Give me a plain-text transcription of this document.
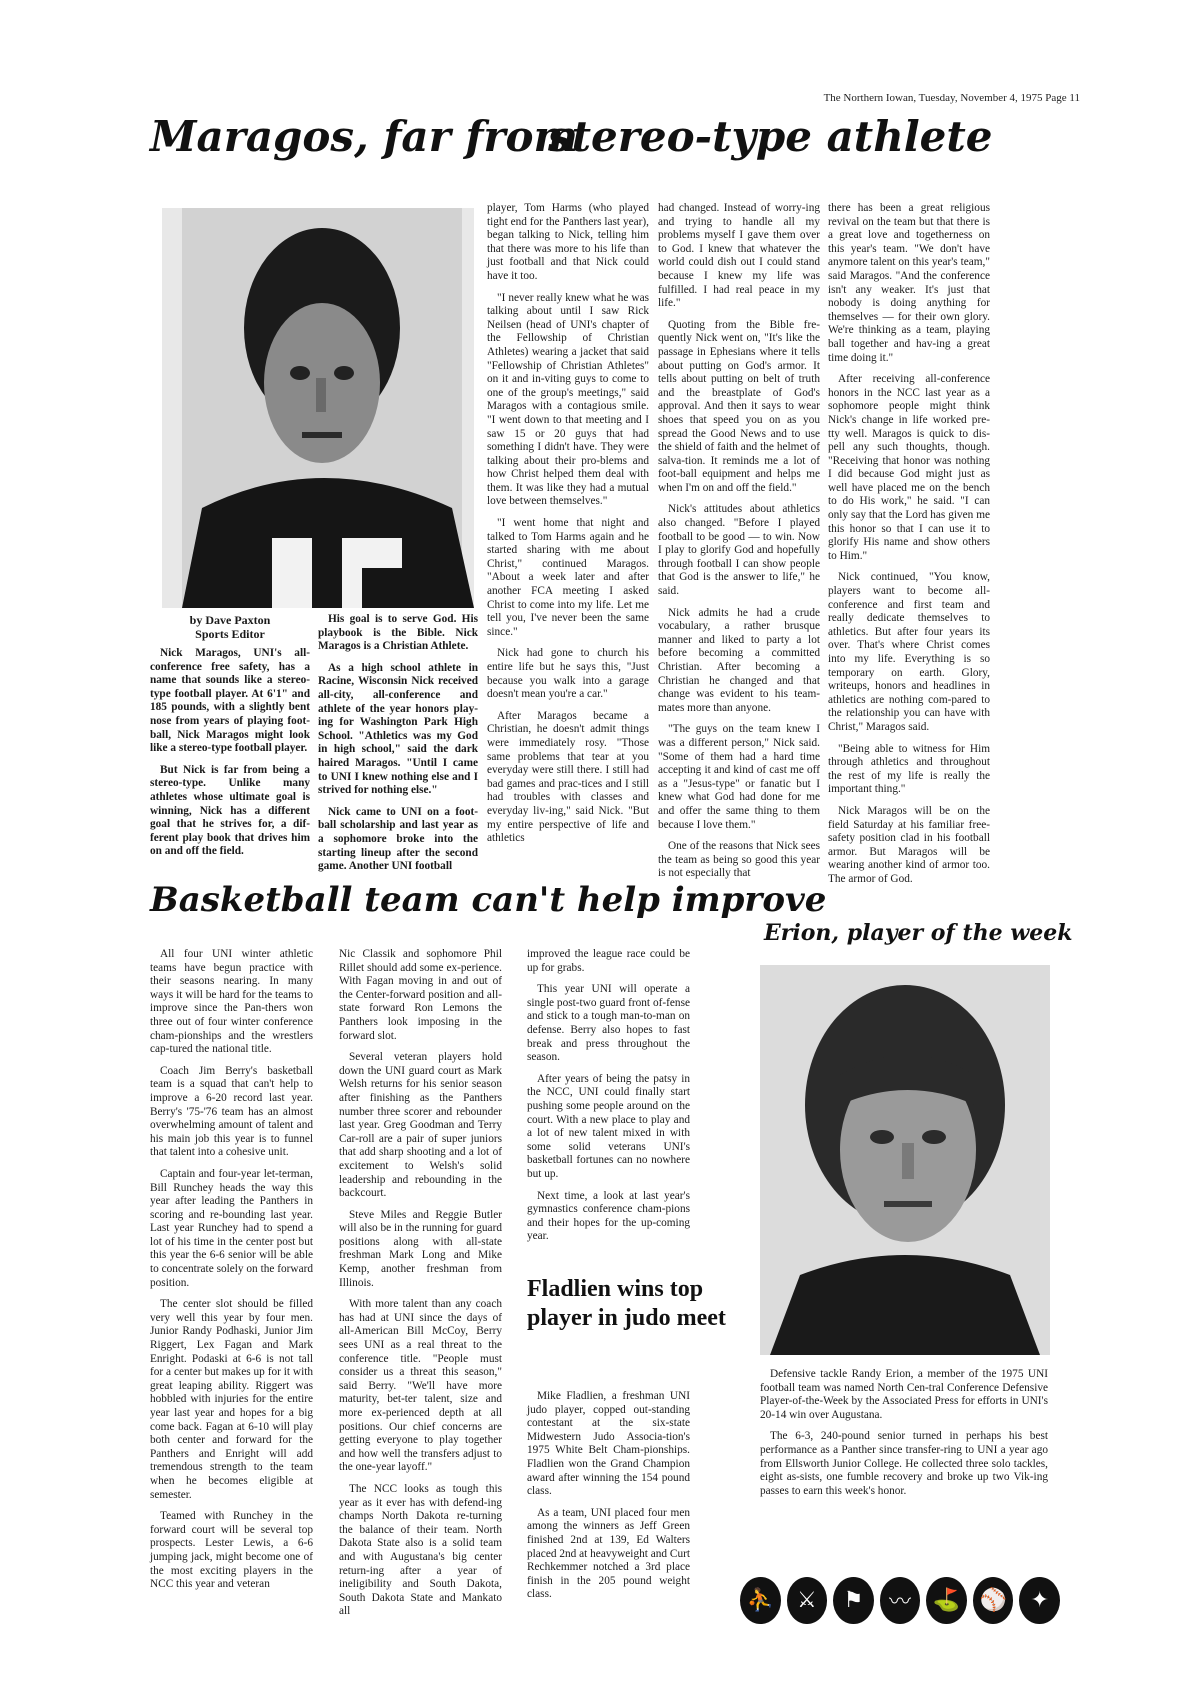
The Northern Iowan, Tuesday, November 4, 1975 Page 11
Maragos, far from
stereo-type athlete
by Dave Paxton
Sports Editor

Nick Maragos, UNI's all-conference free safety, has a name that sounds like a stereo-type football player. At 6'1" and 185 pounds, with a slightly bent nose from years of playing foot-ball, Nick Maragos might look like a stereo-type football player.

But Nick is far from being a stereo-type. Unlike many athletes whose ultimate goal is winning, Nick has a different goal that he strives for, a dif-ferent play book that drives him on and off the field.

His goal is to serve God. His playbook is the Bible. Nick Maragos is a Christian Athlete.

As a high school athlete in Racine, Wisconsin Nick received all-city, all-conference and athlete of the year honors play-ing for Washington Park High School. "Athletics was my God in high school," said the dark haired Maragos. "Until I came to UNI I knew nothing else and I strived for nothing else."

Nick came to UNI on a foot-ball scholarship and last year as a sophomore broke into the starting lineup after the second game. Another UNI football

player, Tom Harms (who played tight end for the Panthers last year), began talking to Nick, telling him that there was more to his life than just football and that Nick could have it too.

"I never really knew what he was talking about until I saw Rick Neilsen (head of UNI's chapter of the Fellowship of Christian Athletes) wearing a jacket that said "Fellowship of Christian Athletes" on it and in-viting guys to come to one of the group's meetings," said Maragos with a contagious smile. "I went down to that meeting and I saw 15 or 20 guys that had something I didn't have. They were talking about their pro-blems and how Christ helped them deal with them. It was like they had a mutual love between themselves."

"I went home that night and talked to Tom Harms again and he started sharing with me about Christ," continued Maragos. "About a week later and after another FCA meeting I asked Christ to come into my life. Let me tell you, I've never been the same since."

Nick had gone to church his entire life but he says this, "Just because you walk into a garage doesn't mean you're a car."

After Maragos became a Christian, he doesn't admit things were immediately rosy. "Those same problems that tear at you everyday were still there. I still had bad games and prac-tices and I still had troubles with classes and everyday liv-ing," said Nick. "But my entire perspective of life and athletics

had changed. Instead of worry-ing and trying to handle all my problems myself I gave them over to God. I knew that whatever the world could dish out I could stand because I knew my life was fulfilled. I had real peace in my life."

Quoting from the Bible fre-quently Nick went on, "It's like the passage in Ephesians where it tells about putting on God's armor. It tells about putting on belt of truth and the breastplate of God's approval. And then it says to wear shoes that speed you on as you spread the Good News and to use the shield of faith and the helmet of salva-tion. It reminds me a lot of foot-ball equipment and helps me when I'm on and off the field."

Nick's attitudes about athletics also changed. "Before I played football to be good — to win. Now I play to glorify God and hopefully through football I can show people that God is the answer to life," he said.

Nick admits he had a crude vocabulary, a rather brusque manner and liked to party a lot before becoming a committed Christian. After becoming a Christian he changed and that change was evident to his team-mates more than anyone.

"The guys on the team knew I was a different person," Nick said. "Some of them had a hard time accepting it and kind of cast me off as a "Jesus-type" or fanatic but I knew what God had done for me and offer the same thing to them because I love them."

One of the reasons that Nick sees the team as being so good this year is not especially that

there has been a great religious revival on the team but that there is a great love and togetherness on this year's team. "We don't have anymore talent on this year's team," said Maragos. "And the conference isn't any weaker. It's just that nobody is doing anything for themselves — for their own glory. We're thinking as a team, playing ball together and hav-ing a great time doing it."

After receiving all-conference honors in the NCC last year as a sophomore people might think Nick's change in life worked pre-tty well. Maragos is quick to dis-pell any such thoughts, though. "Receiving that honor was nothing I did because God might just as well have placed me on the bench to do His work," he said. "I can only say that the Lord has given me this honor so that I can use it to glorify His name and show others to Him."

Nick continued, "You know, players want to become all-conference and first team and really dedicate themselves to athletics. But after four years its over. That's where Christ comes into my life. Everything is so temporary on earth. Glory, writeups, honors and headlines in athletics are nothing com-pared to the relationship you can have with Christ," Maragos said.

"Being able to witness for Him through athletics and throughout the rest of my life is really the important thing."

Nick Maragos will be on the field Saturday at his familiar free-safety position clad in his football armor. But Maragos will be wearing another kind of armor too. The armor of God.

Basketball team can't help improve

All four UNI winter athletic teams have begun practice with their seasons nearing. In many ways it will be hard for the teams to improve since the Pan-thers won three out of four winter conference cham-pionships and the wrestlers cap-tured the national title.

Coach Jim Berry's basketball team is a squad that can't help to improve a 6-20 record last year. Berry's '75-'76 team has an almost overwhelming amount of talent and his main job this year is to funnel that talent into a cohesive unit.

Captain and four-year let-terman, Bill Runchey heads the way this year after leading the Panthers in scoring and re-bounding last year. Last year Runchey had to spend a lot of his time in the center post but this year the 6-6 senior will be able to concentrate solely on the forward position.

The center slot should be filled very well this year by four men. Junior Randy Podhaski, Junior Jim Riggert, Lex Fagan and Mark Enright. Podaski at 6-6 is not tall for a center but makes up for it with great leaping ability. Riggert was hobbled with injuries for the entire year last year and hopes for a big come back. Fagan at 6-10 will play both center and forward for the Panthers and Enright will add tremendous strength to the team when he becomes eligible at semester.

Teamed with Runchey in the forward court will be several top prospects. Lester Lewis, a 6-6 jumping jack, might become one of the most exciting players in the NCC this year and veteran

Nic Classik and sophomore Phil Rillet should add some ex-perience. With Fagan moving in and out of the Center-forward position and all-state forward Ron Lemons the Panthers look imposing in the forward slot.

Several veteran players hold down the UNI guard court as Mark Welsh returns for his senior season after finishing as the Panthers number three scorer and rebounder last year. Greg Goodman and Terry Car-roll are a pair of super juniors that add sharp shooting and a lot of excitement to Welsh's solid leadership and rebounding in the backcourt.

Steve Miles and Reggie Butler will also be in the running for guard positions along with all-state freshman Mark Long and Mike Kemp, another freshman from Illinois.

With more talent than any coach has had at UNI since the days of all-American Bill McCoy, Berry sees UNI as a real threat to the conference title. "People must consider us a threat this season," said Berry. "We'll have more maturity, bet-ter talent, size and more ex-perienced depth at all positions. Our chief concerns are getting everyone to play together and how well the transfers adjust to the one-year layoff."

The NCC looks as tough this year as it ever has with defend-ing champs North Dakota re-turning the balance of their team. North Dakota State also is a solid team and with Augustana's big center return-ing after a year of ineligibility and South Dakota, South Dakota State and Mankato all

improved the league race could be up for grabs.

This year UNI will operate a single post-two guard front of-fense and stick to a tough man-to-man on defense. Berry also hopes to fast break and press throughout the season.

After years of being the patsy in the NCC, UNI could finally start pushing some people around on the court. With a new place to play and a lot of new talent mixed in with some solid veterans UNI's basketball fortunes can no nowhere but up.

Next time, a look at last year's gymnastics conference cham-pions and their hopes for the up-coming year.

Fladlien wins top player in judo meet

Mike Fladlien, a freshman UNI judo player, copped out-standing contestant at the six-state Midwestern Judo Associa-tion's 1975 White Belt Cham-pionships. Fladlien won the Grand Champion award after winning the 154 pound class.

As a team, UNI placed four men among the winners as Jeff Green finished 2nd at 139, Ed Walters placed 2nd at heavyweight and Curt Rechkemmer notched a 3rd place finish in the 205 pound weight class.

Erion, player of the week

Defensive tackle Randy Erion, a member of the 1975 UNI football team was named North Cen-tral Conference Defensive Player-of-the-Week by the Associated Press for efforts in UNI's 20-14 win over Augustana.

The 6-3, 240-pound senior turned in perhaps his best performance as a Panther since transfer-ring to UNI a year ago from Ellsworth Junior College. He collected three solo tackles, eight as-sists, one fumble recovery and broke up two Vik-ing passes to earn this week's honor.

⛹	⚔	⚑	〰 ⛳ ⚾	✦
